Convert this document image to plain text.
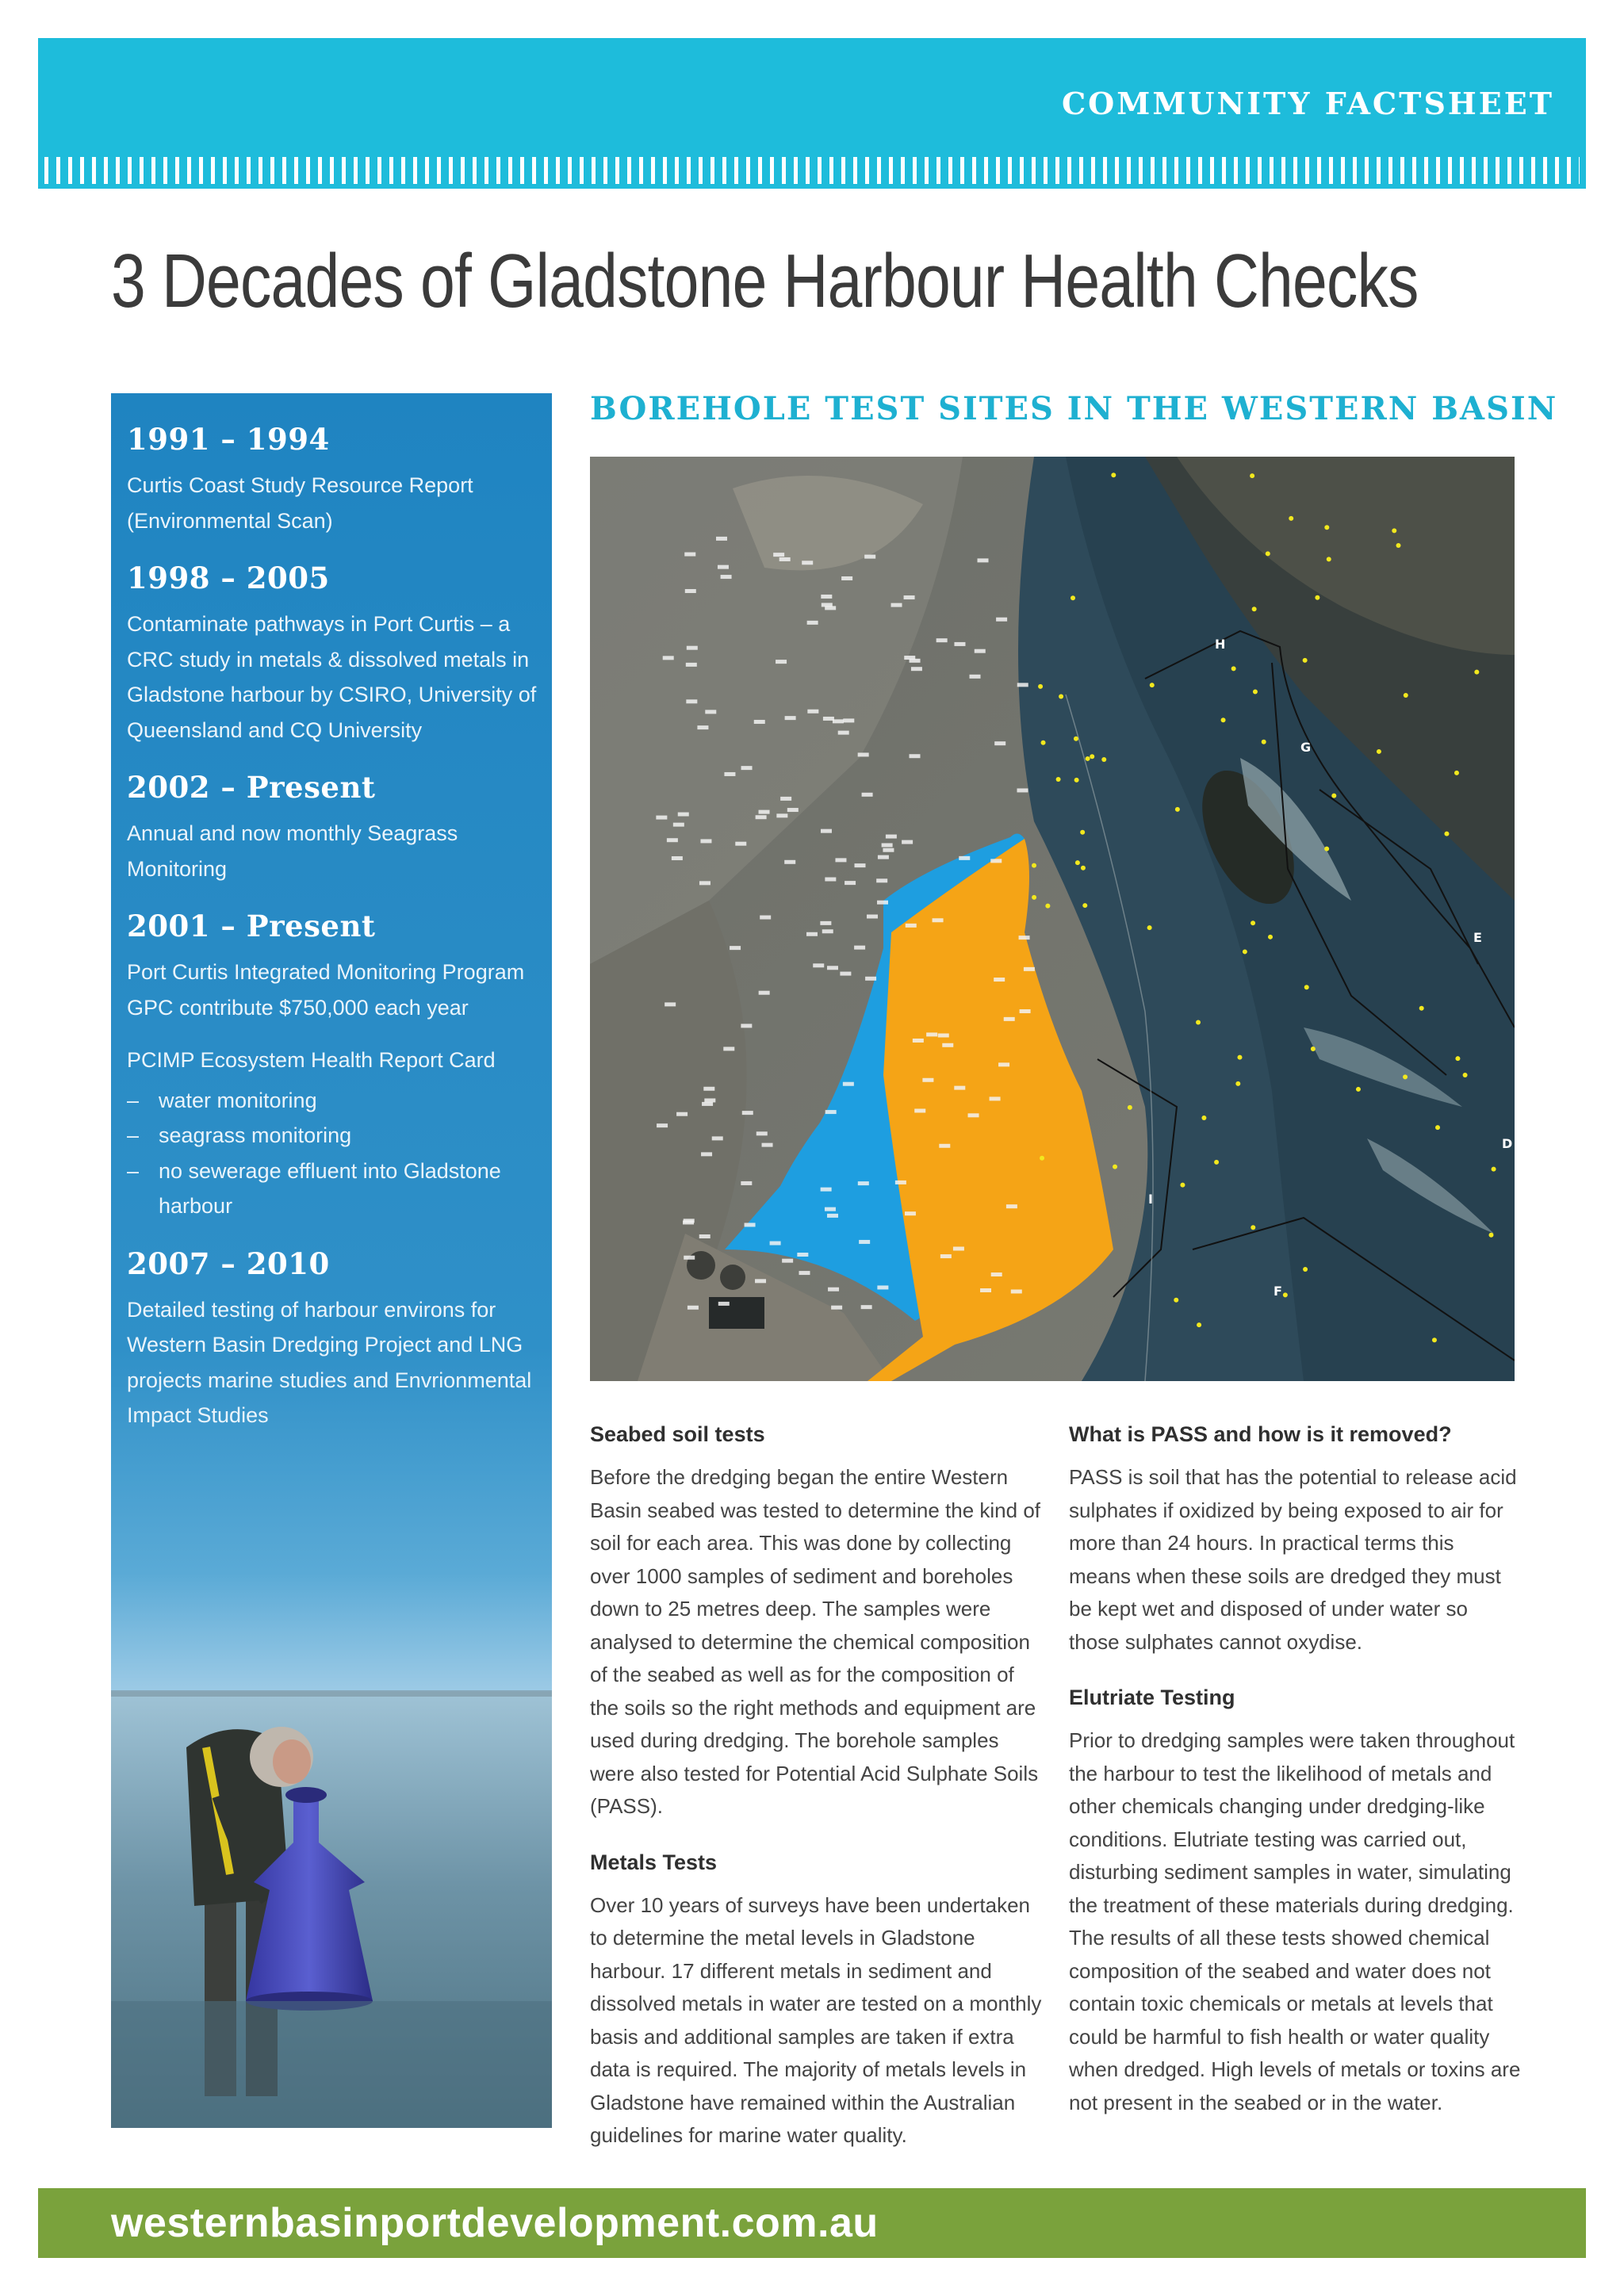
COMMUNITY FACTSHEET
3 Decades of Gladstone Harbour Health Checks
1991 – 1994
Curtis Coast Study Resource Report (Environmental Scan)
1998 – 2005
Contaminate pathways in Port Curtis – a CRC study in metals & dissolved metals in Gladstone harbour by CSIRO, University of Queensland and CQ University
2002 – Present
Annual and now monthly Seagrass Monitoring
2001 – Present
Port Curtis Integrated Monitoring Program GPC contribute $750,000 each year
PCIMP Ecosystem Health Report Card
– water monitoring
– seagrass monitoring
– no sewerage effluent into Gladstone harbour
2007 – 2010
Detailed testing of harbour environs for Western Basin Dredging Project and LNG projects marine studies and Envrionmental Impact Studies
BOREHOLE TEST SITES IN THE WESTERN BASIN
H
G
E
D
I
F
Seabed soil tests
Before the dredging began the entire Western Basin seabed was tested to determine the kind of soil for each area. This was done by collecting over 1000 samples of sediment and boreholes down to 25 metres deep. The samples were analysed to determine the chemical composition of the seabed as well as for the composition of the soils so the right methods and equipment are used during dredging. The borehole samples were also tested for Potential Acid Sulphate Soils (PASS).
Metals Tests
Over 10 years of surveys have been undertaken to determine the metal levels in Gladstone harbour. 17 different metals in sediment and dissolved metals in water are tested on a monthly basis and additional samples are taken if extra data is required. The majority of metals levels in Gladstone have remained within the Australian guidelines for marine water quality.
What is PASS and how is it removed?
PASS is soil that has the potential to release acid sulphates if oxidized by being exposed to air for more than 24 hours. In practical terms this means when these soils are dredged they must be kept wet and disposed of under water so those sulphates cannot oxydise.
Elutriate Testing
Prior to dredging samples were taken throughout the harbour to test the likelihood of metals and other chemicals changing under dredging-like conditions. Elutriate testing was carried out, disturbing sediment samples in water, simulating the treatment of these materials during dredging. The results of all these tests showed chemical composition of the seabed and water does not contain toxic chemicals or metals at levels that could be harmful to fish health or water quality when dredged. High levels of metals or toxins are not present in the seabed or in the water.
westernbasinportdevelopment.com.au
